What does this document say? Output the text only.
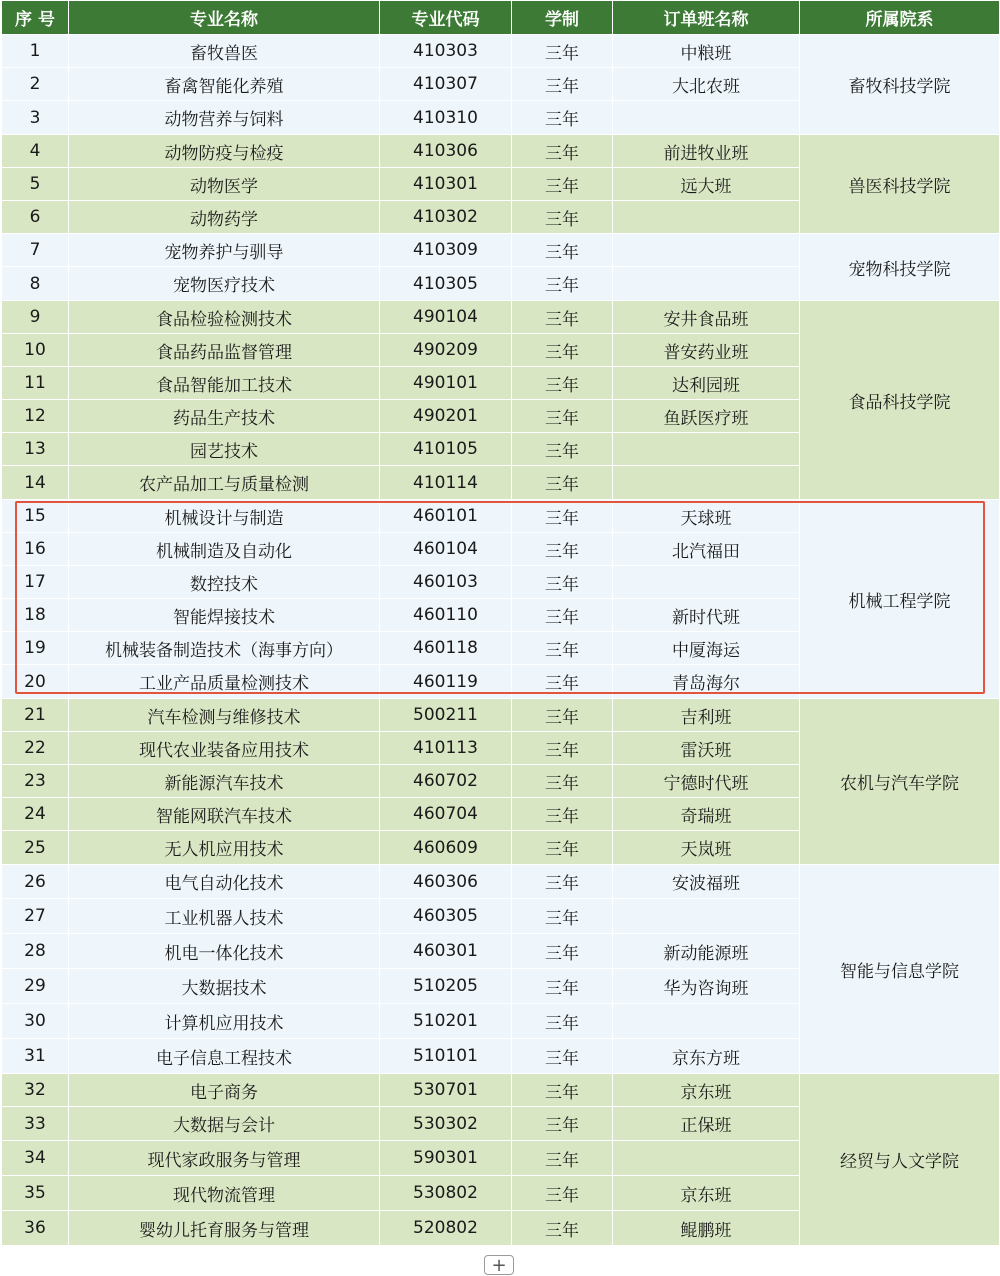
序 号	专业名称	专业代码	学制	订单班名称	所属院系
1	畜牧兽医	410303	三年	中粮班	畜牧科技学院
2	畜禽智能化养殖	410307	三年	大北农班	
3	动物营养与饲料	410310	三年		
4	动物防疫与检疫	410306	三年	前进牧业班	兽医科技学院
5	动物医学	410301	三年	远大班	
6	动物药学	410302	三年		
7	宠物养护与驯导	410309	三年		宠物科技学院
8	宠物医疗技术	410305	三年		
9	食品检验检测技术	490104	三年	安井食品班	食品科技学院
10	食品药品监督管理	490209	三年	普安药业班	
11	食品智能加工技术	490101	三年	达利园班	
12	药品生产技术	490201	三年	鱼跃医疗班	
13	园艺技术	410105	三年		
14	农产品加工与质量检测	410114	三年		
15	机械设计与制造	460101	三年	天球班	机械工程学院
16	机械制造及自动化	460104	三年	北汽福田	
17	数控技术	460103	三年		
18	智能焊接技术	460110	三年	新时代班	
19	机械装备制造技术（海事方向）	460118	三年	中厦海运	
20	工业产品质量检测技术	460119	三年	青岛海尔	
21	汽车检测与维修技术	500211	三年	吉利班	农机与汽车学院
22	现代农业装备应用技术	410113	三年	雷沃班	
23	新能源汽车技术	460702	三年	宁德时代班	
24	智能网联汽车技术	460704	三年	奇瑞班	
25	无人机应用技术	460609	三年	天岚班	
26	电气自动化技术	460306	三年	安波福班	智能与信息学院
27	工业机器人技术	460305	三年		
28	机电一体化技术	460301	三年	新动能源班	
29	大数据技术	510205	三年	华为咨询班	
30	计算机应用技术	510201	三年		
31	电子信息工程技术	510101	三年	京东方班	
32	电子商务	530701	三年	京东班	经贸与人文学院
33	大数据与会计	530302	三年	正保班	
34	现代家政服务与管理	590301	三年		
35	现代物流管理	530802	三年	京东班	
36	婴幼儿托育服务与管理	520802	三年	鲲鹏班	
+
